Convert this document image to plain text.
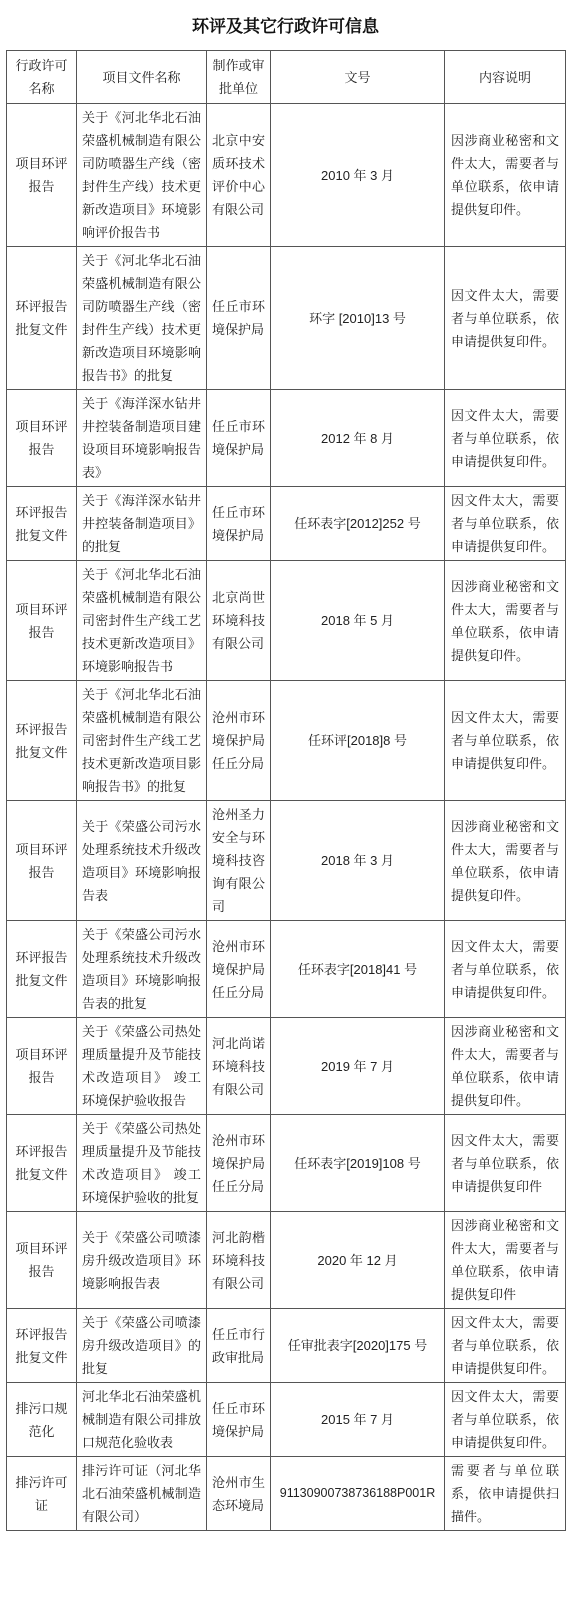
环评及其它行政许可信息
行政许可名称	项目文件名称	制作或审批单位	文号	内容说明
项目环评报告	关于《河北华北石油荣盛机械制造有限公司防喷器生产线（密封件生产线）技术更新改造项目》环境影响评价报告书	北京中安质环技术评价中心有限公司	2010 年 3 月	因涉商业秘密和文件太大，需要者与单位联系，依申请提供复印件。
环评报告批复文件	关于《河北华北石油荣盛机械制造有限公司防喷器生产线（密封件生产线）技术更新改造项目环境影响报告书》的批复	任丘市环境保护局	环字 [2010]13 号	因文件太大，需要者与单位联系，依申请提供复印件。
项目环评报告	关于《海洋深水钻井井控装备制造项目建设项目环境影响报告表》	任丘市环境保护局	2012 年 8 月	因文件太大，需要者与单位联系，依申请提供复印件。
环评报告批复文件	关于《海洋深水钻井井控装备制造项目》的批复	任丘市环境保护局	任环表字[2012]252 号	因文件太大，需要者与单位联系，依申请提供复印件。
项目环评报告	关于《河北华北石油荣盛机械制造有限公司密封件生产线工艺技术更新改造项目》环境影响报告书	北京尚世环境科技有限公司	2018 年 5 月	因涉商业秘密和文件太大，需要者与单位联系，依申请提供复印件。
环评报告批复文件	关于《河北华北石油荣盛机械制造有限公司密封件生产线工艺技术更新改造项目影响报告书》的批复	沧州市环境保护局任丘分局	任环评[2018]8 号	因文件太大，需要者与单位联系，依申请提供复印件。
项目环评报告	关于《荣盛公司污水处理系统技术升级改造项目》环境影响报告表	沧州圣力安全与环境科技咨询有限公司	2018 年 3 月	因涉商业秘密和文件太大，需要者与单位联系，依申请提供复印件。
环评报告批复文件	关于《荣盛公司污水处理系统技术升级改造项目》环境影响报告表的批复	沧州市环境保护局任丘分局	任环表字[2018]41 号	因文件太大，需要者与单位联系，依申请提供复印件。
项目环评报告	关于《荣盛公司热处理质量提升及节能技术改造项目》 竣工环境保护验收报告	河北尚诺环境科技有限公司	2019 年 7 月	因涉商业秘密和文件太大，需要者与单位联系，依申请提供复印件。
环评报告批复文件	关于《荣盛公司热处理质量提升及节能技术改造项目》 竣工环境保护验收的批复	沧州市环境保护局任丘分局	任环表字[2019]108 号	因文件太大，需要者与单位联系，依申请提供复印件
项目环评报告	关于《荣盛公司喷漆房升级改造项目》环境影响报告表	河北韵楷环境科技有限公司	2020 年 12 月	因涉商业秘密和文件太大，需要者与单位联系，依申请提供复印件
环评报告批复文件	关于《荣盛公司喷漆房升级改造项目》的批复	任丘市行政审批局	任审批表字[2020]175 号	因文件太大，需要者与单位联系，依申请提供复印件。
排污口规范化	河北华北石油荣盛机械制造有限公司排放口规范化验收表	任丘市环境保护局	2015 年 7 月	因文件太大，需要者与单位联系，依申请提供复印件。
排污许可证	排污许可证（河北华北石油荣盛机械制造有限公司）	沧州市生态环境局	91130900738736188P001R	需要者与单位联系，依申请提供扫描件。
